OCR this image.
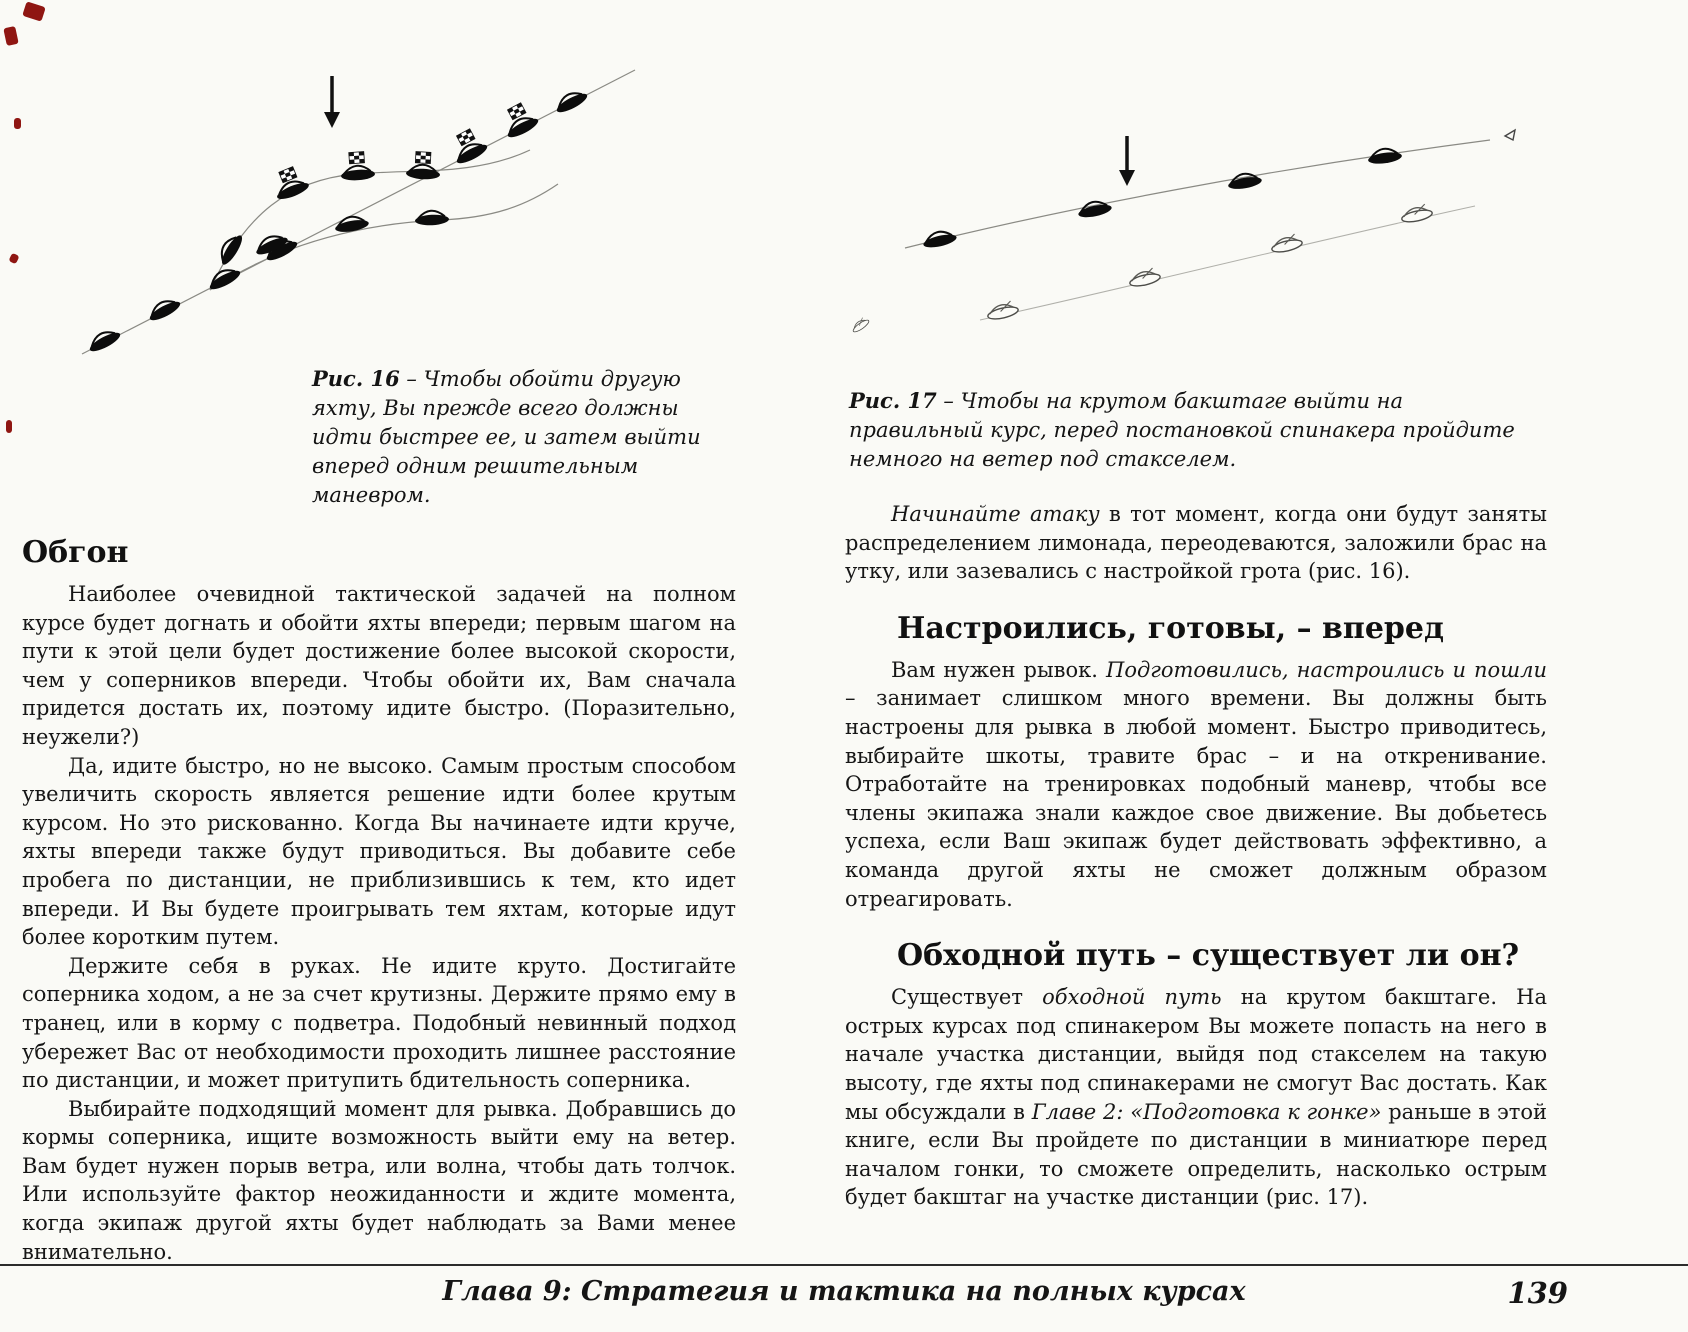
Рис. 16 – Чтобы обойти другую яхту, Вы прежде всего должны идти быстрее ее, и затем выйти вперед одним решительным маневром.
Обгон

Наиболее очевидной тактической задачей на полном курсе будет догнать и обойти яхты впереди; первым шагом на пути к этой цели будет достижение более высокой скорости, чем у соперников впереди. Чтобы обойти их, Вам сначала придется достать их, поэтому идите быстро. (Поразительно, неужели?)

Да, идите быстро, но не высоко. Самым простым способом увеличить скорость является решение идти более крутым курсом. Но это рискованно. Когда Вы начинаете идти круче, яхты впереди также будут приводиться. Вы добавите себе пробега по дистанции, не приблизившись к тем, кто идет впереди. И Вы будете проигрывать тем яхтам, которые идут более коротким путем.

Держите себя в руках. Не идите круто. Достигайте соперника ходом, а не за счет крутизны. Держите прямо ему в транец, или в корму с подветра. Подобный невинный подход убережет Вас от необходимости проходить лишнее расстояние по дистанции, и может притупить бдительность соперника.

Выбирайте подходящий момент для рывка. Добравшись до кормы соперника, ищите возможность выйти ему на ветер. Вам будет нужен порыв ветра, или волна, чтобы дать толчок. Или используйте фактор неожиданности и ждите момента, когда экипаж другой яхты будет наблюдать за Вами менее внимательно.

Рис. 17 – Чтобы на крутом бакштаге выйти на правильный курс, перед постановкой спинакера пройдите немного на ветер под стакселем.

Начинайте атаку в тот момент, когда они будут заняты распределением лимонада, переодеваются, заложили брас на утку, или зазевались с настройкой грота (рис. 16).

Настроились, готовы, – вперед

Вам нужен рывок. Подготовились, настроились и пошли – занимает слишком много времени. Вы должны быть настроены для рывка в любой момент. Быстро приводитесь, выбирайте шкоты, травите брас – и на откренивание. Отработайте на тренировках подобный маневр, чтобы все члены экипажа знали каждое свое движение. Вы добьетесь успеха, если Ваш экипаж будет действовать эффективно, а команда другой яхты не сможет должным образом отреагировать.

Обходной путь – существует ли он?

Существует обходной путь на крутом бакштаге. На острых курсах под спинакером Вы можете попасть на него в начале участка дистанции, выйдя под стакселем на такую высоту, где яхты под спинакерами не смогут Вас достать. Как мы обсуждали в Главе 2: «Подготовка к гонке» раньше в этой книге, если Вы пройдете по дистанции в миниатюре перед началом гонки, то сможете определить, насколько острым будет бакштаг на участке дистанции (рис. 17).

Глава 9: Стратегия и тактика на полных курсах	139
